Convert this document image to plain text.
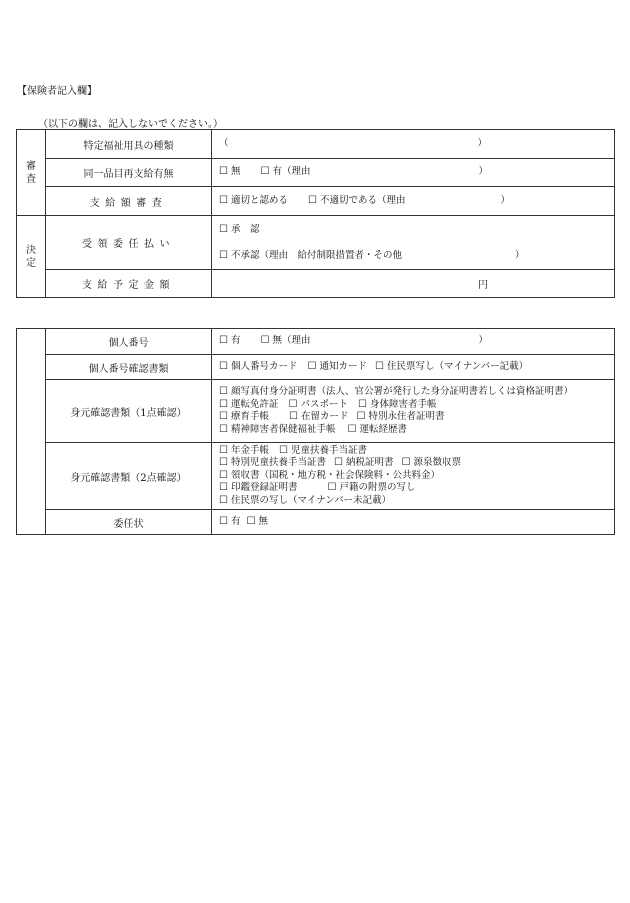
【保険者記入欄】
（以下の欄は、記入しないでください。）
審査	特定福祉用具の種類	（ ）
	同一品目再支給有無	☐ 無 ☐ 有（理由 ）
	支給額審査	☐ 適切と認める ☐ 不適切である（理由 ）
決定	受領委任払い	☐ 承　認
☐ 不承認（理由　給付制限措置者・その他 ）

	支給予定金額	円
	個人番号	☐ 有 ☐ 無（理由 ）
	個人番号確認書類	☐ 個人番号カード ☐ 通知カード ☐ 住民票写し（マイナンバー記載）
	身元確認書類（1点確認）	☐ 顔写真付身分証明書（法人、官公署が発行した身分証明書若しくは資格証明書）
☐ 運転免許証 ☐ パスポート ☐ 身体障害者手帳
☐ 療育手帳 ☐ 在留カード ☐ 特別永住者証明書
☐ 精神障害者保健福祉手帳 ☐ 運転経歴書

	身元確認書類（2点確認）	☐ 年金手帳 ☐ 児童扶養手当証書
☐ 特別児童扶養手当証書 ☐ 納税証明書 ☐ 源泉徴収票
☐ 領収書（国税・地方税・社会保険料・公共料金）
☐ 印鑑登録証明書 ☐ 戸籍の附票の写し
☐ 住民票の写し（マイナンバー未記載）

	委任状	☐ 有 ☐ 無
